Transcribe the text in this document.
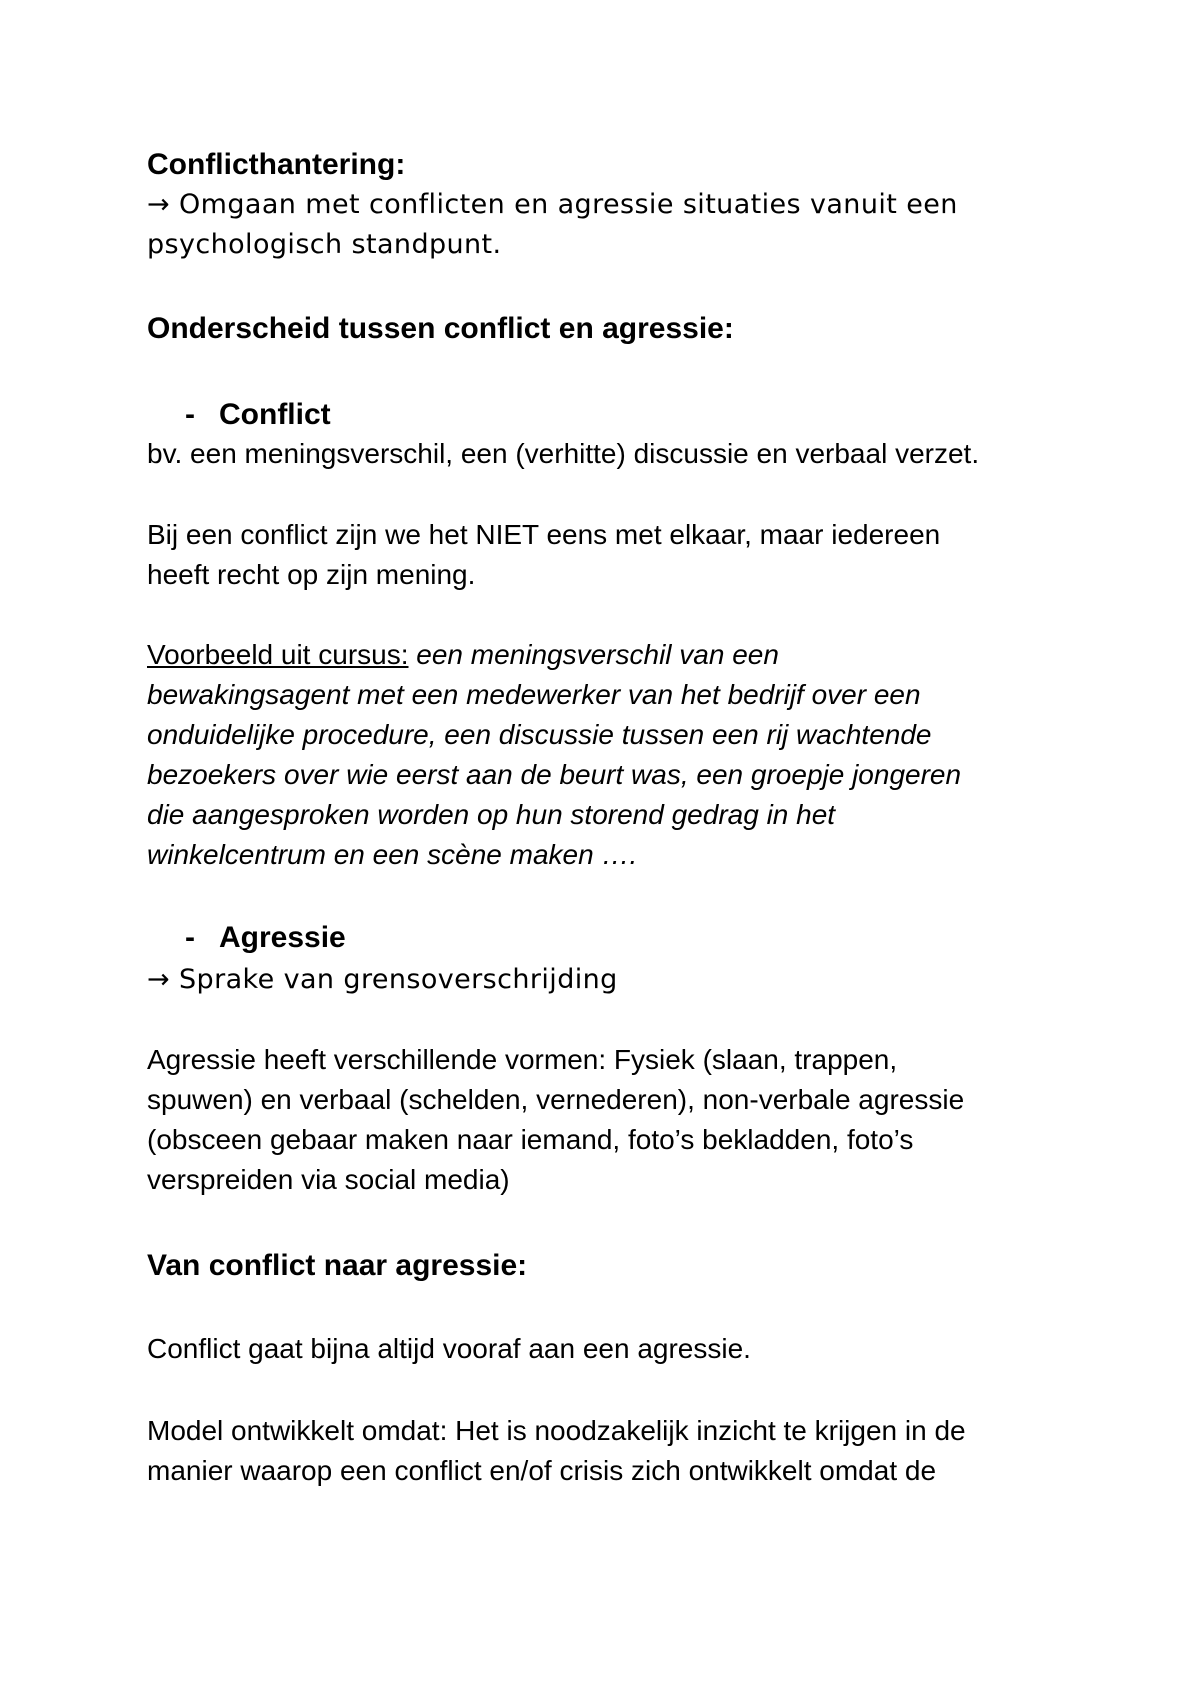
Conflicthantering:
→ Omgaan met conflicten en agressie situaties vanuit een
psychologisch standpunt.
Onderscheid tussen conflict en agressie:
- Conflict
bv. een meningsverschil, een (verhitte) discussie en verbaal verzet.
Bij een conflict zijn we het NIET eens met elkaar, maar iedereen
heeft recht op zijn mening.
Voorbeeld uit cursus: een meningsverschil van een
bewakingsagent met een medewerker van het bedrijf over een
onduidelijke procedure, een discussie tussen een rij wachtende
bezoekers over wie eerst aan de beurt was, een groepje jongeren
die aangesproken worden op hun storend gedrag in het
winkelcentrum en een scène maken ….
- Agressie
→ Sprake van grensoverschrijding
Agressie heeft verschillende vormen: Fysiek (slaan, trappen,
spuwen) en verbaal (schelden, vernederen), non-verbale agressie
(obsceen gebaar maken naar iemand, foto’s bekladden, foto’s
verspreiden via social media)
Van conflict naar agressie:
Conflict gaat bijna altijd vooraf aan een agressie.
Model ontwikkelt omdat: Het is noodzakelijk inzicht te krijgen in de
manier waarop een conflict en/of crisis zich ontwikkelt omdat de
